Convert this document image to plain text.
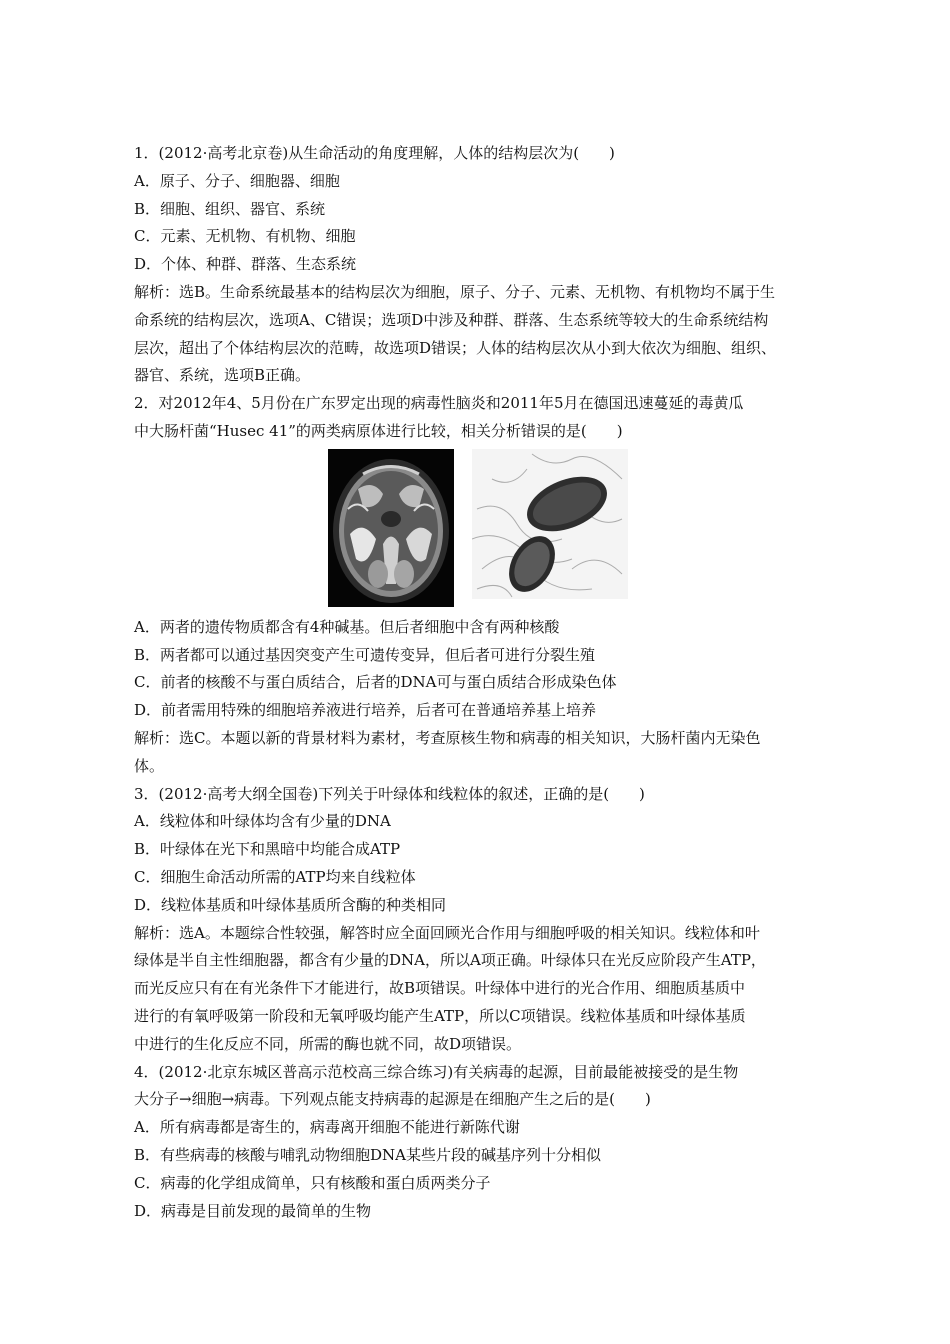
1．(2012·高考北京卷)从生命活动的角度理解，人体的结构层次为(　　)
A．原子、分子、细胞器、细胞
B．细胞、组织、器官、系统
C．元素、无机物、有机物、细胞
D．个体、种群、群落、生态系统
解析：选B。生命系统最基本的结构层次为细胞，原子、分子、元素、无机物、有机物均不属于生
命系统的结构层次，选项A、C错误；选项D中涉及种群、群落、生态系统等较大的生命系统结构
层次，超出了个体结构层次的范畴，故选项D错误；人体的结构层次从小到大依次为细胞、组织、
器官、系统，选项B正确。
2．对2012年4、5月份在广东罗定出现的病毒性脑炎和2011年5月在德国迅速蔓延的毒黄瓜
中大肠杆菌“Husec 41”的两类病原体进行比较，相关分析错误的是(　　)
A．两者的遗传物质都含有4种碱基。但后者细胞中含有两种核酸
B．两者都可以通过基因突变产生可遗传变异，但后者可进行分裂生殖
C．前者的核酸不与蛋白质结合，后者的DNA可与蛋白质结合形成染色体
D．前者需用特殊的细胞培养液进行培养，后者可在普通培养基上培养
解析：选C。本题以新的背景材料为素材，考查原核生物和病毒的相关知识，大肠杆菌内无染色
体。
3．(2012·高考大纲全国卷)下列关于叶绿体和线粒体的叙述，正确的是(　　)
A．线粒体和叶绿体均含有少量的DNA
B．叶绿体在光下和黑暗中均能合成ATP
C．细胞生命活动所需的ATP均来自线粒体
D．线粒体基质和叶绿体基质所含酶的种类相同
解析：选A。本题综合性较强，解答时应全面回顾光合作用与细胞呼吸的相关知识。线粒体和叶
绿体是半自主性细胞器，都含有少量的DNA，所以A项正确。叶绿体只在光反应阶段产生ATP，
而光反应只有在有光条件下才能进行，故B项错误。叶绿体中进行的光合作用、细胞质基质中
进行的有氧呼吸第一阶段和无氧呼吸均能产生ATP，所以C项错误。线粒体基质和叶绿体基质
中进行的生化反应不同，所需的酶也就不同，故D项错误。
4．(2012·北京东城区普高示范校高三综合练习)有关病毒的起源，目前最能被接受的是生物
大分子→细胞→病毒。下列观点能支持病毒的起源是在细胞产生之后的是(　　)
A．所有病毒都是寄生的，病毒离开细胞不能进行新陈代谢
B．有些病毒的核酸与哺乳动物细胞DNA某些片段的碱基序列十分相似
C．病毒的化学组成简单，只有核酸和蛋白质两类分子
D．病毒是目前发现的最简单的生物
